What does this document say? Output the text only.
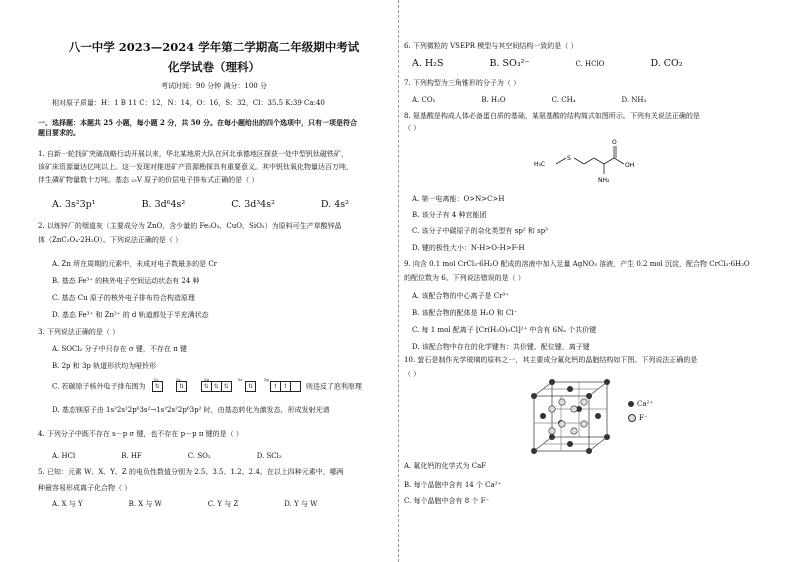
八一中学 2023—2024 学年第二学期高二年级期中考试
化学试卷（理科）
考试时间：90 分钟 满分：100 分
相对原子质量：H：1 B 11 C：12，N：14，O：16，S：32，Cl：35.5 K:39 Ca:40
一、选择题：本题共 25 小题，每小题 2 分，共 50 分。在每小题给出的四个选项中，只有一项是符合
题目要求的。
1. 自新一轮找矿突破战略行动开展以来，华北某地质大队在河北承德地区探获一处中型钒钛磁铁矿，
该矿床资源量达亿吨以上。这一发现对推进矿产资源勘探具有重要意义。其中钒钛氧化物量达百万吨，
伴生磷矿物量数十万吨。基态 ₂₃V 原子的价层电子排布式正确的是（ ）
A. 3s²3p¹	B. 3d⁶4s²	C. 3d³4s²	D. 4s²
2. 以炼锌厂的烟道灰（主要成分为 ZnO，含少量的 Fe₂O₃、CuO、SiO₂）为原料可生产草酸锌晶
体（ZnC₂O₄·2H₂O）。下列说法正确的是（ ）
A. Zn 所在周期的元素中，未成对电子数最多的是 Cr
B. 基态 Fe³⁺ 的核外电子空间运动状态有 24 种
C. 基态 Cu 原子的核外电子排布符合构造原理
D. 基态 Fe³⁺ 和 Zn²⁺ 的 d 轨道都处于半充满状态
3. 下列说法正确的是（ ）
A. SOCl₂ 分子中只存在 σ 键，不存在 π 键
B. 2p 和 3p 轨道形状均为哑铃形
C. 若碳原子核外电子排布图为
1s	2s	2p	3s	3p
⇅	⇅	⇅ ⇅ ⇅	⇅	↑ ↑	则违反了泡利原理
D. 基态镁原子由 1s²2s²2p⁶3s²→1s²2s²2p⁶3p² 时，由基态转化为激发态，形成发射光谱
4. 下列分子中既不存在 s－p σ 键，也不存在 p－p π 键的是（ ）
A. HCl	B. HF	C. SO₂	D. SCl₂
5. 已知：元素 W、X、Y、Z 的电负性数值分别为 2.5、3.5、1.2、2.4。在以上四种元素中，哪两
种最容易形成离子化合物（ ）
A. X 与 Y	B. X 与 W	C. Y 与 Z	D. Y 与 W
6. 下列微粒的 VSEPR 模型与其空间结构一致的是（ ）
A. H₂S	B. SO₃²⁻	C. HClO	D. CO₂
7. 下列构型为三角锥形的分子为（ ）
A. CO₂	B. H₂O	C. CH₄	D. NH₃
8. 氨基酸是构成人体必备蛋白质的基础，某氨基酸的结构简式如图所示。下列有关说法正确的是
（ ）
H₃C
S
OH
O
NH₂
A. 第一电离能：O>N>C>H
B. 该分子有 4 种官能团
C. 该分子中碳原子的杂化类型有 sp² 和 sp³
D. 键的极性大小：N-H>O-H>F-H
9. 向含 0.1 mol CrCl₃·6H₂O 配成的溶液中加入足量 AgNO₃ 溶液，产生 0.2 mol 沉淀，配合物 CrCl₃·6H₂O
的配位数为 6。下列说法错误的是（ ）
A. 该配合物的中心离子是 Cr³⁺
B. 该配合物的配体是 H₂O 和 Cl⁻
C. 每 1 mol 配离子 [Cr(H₂O)₅Cl]²⁺ 中含有 6Nₐ 个共价键
D. 该配合物中存在的化学键有：共价键、配位键、离子键
10. 萤石是制作光学玻璃的原料之一，其主要成分氟化钙的晶胞结构如下图。下列说法正确的是
（ ）
Ca²⁺
F⁻
A. 氟化钙的化学式为 CaF
B. 每个晶胞中含有 14 个 Ca²⁺
C. 每个晶胞中含有 8 个 F⁻
